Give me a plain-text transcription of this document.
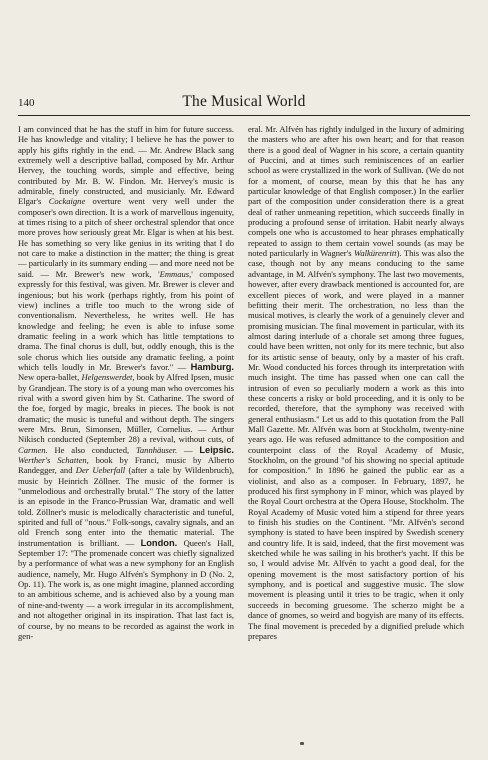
140	The Musical World

I am convinced that he has the stuff in him for future success. He has knowledge and vitality; I believe he has the power to apply his gifts rightly in the end. — Mr. Andrew Black sang extremely well a descriptive ballad, composed by Mr. Arthur Hervey, the touching words, simple and effective, being contributed by Mr. B. W. Findon. Mr. Hervey's music is admirable, finely constructed, and musicianly. Mr. Edward Elgar's Cockaigne overture went very well under the composer's own direction. It is a work of marvellous ingenuity, at times rising to a pitch of sheer orchestral splendor that once more proves how seriously great Mr. Elgar is when at his best. He has something so very like genius in its writing that I do not care to make a distinction in the matter; the thing is great — particularly in its summary ending — and more need not be said. — Mr. Brewer's new work, 'Emmaus,' composed expressly for this festival, was given. Mr. Brewer is clever and ingenious; but his work (perhaps rightly, from his point of view) inclines a trifle too much to the wrong side of conventionalism. Nevertheless, he writes well. He has knowledge and feeling; he even is able to infuse some dramatic feeling in a work which has little temptations to drama. The final chorus is dull, but, oddly enough, this is the sole chorus which lies outside any dramatic feeling, a point which tells loudly in Mr. Brewer's favor." — Hamburg. New opera-ballet, Helgenswerdet, book by Alfred Ipsen, music by Grandjean. The story is of a young man who overcomes his rival with a sword given him by St. Catharine. The sword of the foe, forged by magic, breaks in pieces. The book is not dramatic; the music is tuneful and without depth. The singers were Mrs. Brun, Simonsen, Müller, Cornelius. — Arthur Nikisch conducted (September 28) a revival, without cuts, of Carmen. He also conducted, Tannhäuser. — Leipsic. Werther's Schatten, book by Franci, music by Alberto Randegger, and Der Ueberfall (after a tale by Wildenbruch), music by Heinrich Zöllner. The music of the former is "unmelodious and orchestrally brutal." The story of the latter is an episode in the Franco-Prussian War, dramatic and well told. Zöllner's music is melodically characteristic and tuneful, spirited and full of "nous." Folk-songs, cavalry signals, and an old French song enter into the thematic material. The instrumentation is brilliant. — London. Queen's Hall, September 17: "The promenade concert was chiefly signalized by a performance of what was a new symphony for an English audience, namely, Mr. Hugo Alfvén's Symphony in D (No. 2, Op. 11). The work is, as one might imagine, planned according to an ambitious scheme, and is achieved also by a young man of nine-and-twenty — a work irregular in its accomplishment, and not altogether original in its inspiration. That last fact is, of course, by no means to be recorded as against the work in gen-

eral. Mr. Alfvén has rightly indulged in the luxury of admiring the masters who are after his own heart; and for that reason there is a good deal of Wagner in his score, a certain quantity of Puccini, and at times such reminiscences of an earlier school as were crystallized in the work of Sullivan. (We do not for a moment, of course, mean by this that he has any particular knowledge of that English composer.) In the earlier part of the composition under consideration there is a great deal of rather unmeaning repetition, which succeeds finally in producing a profound sense of irritation. Habit nearly always compels one who is accustomed to hear phrases emphatically repeated to assign to them certain vowel sounds (as may be noted particularly in Wagner's Walkürenritt). This was also the case, though not by any means conducing to the same advantage, in M. Alfvén's symphony. The last two movements, however, after every drawback mentioned is accounted for, are excellent pieces of work, and were played in a manner befitting their merit. The orchestration, no less than the musical motives, is clearly the work of a genuinely clever and promising musician. The final movement in particular, with its almost daring interlude of a chorale set among three fugues, could have been written, not only for its mere technic, but also for its artistic sense of beauty, only by a master of his craft. Mr. Wood conducted his forces through its interpretation with much insight. The time has passed when one can call the intrusion of even so peculiarly modern a work as this into these concerts a risky or bold proceeding, and it is only to be recorded, therefore, that the symphony was received with general enthusiasm." Let us add to this quotation from the Pall Mall Gazette. Mr. Alfvén was born at Stockholm, twenty-nine years ago. He was refused admittance to the composition and counterpoint class of the Royal Academy of Music, Stockholm, on the ground "of his showing no special aptitude for composition." In 1896 he gained the public ear as a violinist, and also as a composer. In February, 1897, he produced his first symphony in F minor, which was played by the Royal Court orchestra at the Opera House, Stockholm. The Royal Academy of Music voted him a stipend for three years to finish his studies on the Continent. "Mr. Alfvén's second symphony is stated to have been inspired by Swedish scenery and country life. It is said, indeed, that the first movement was sketched while he was sailing in his brother's yacht. If this be so, I would advise Mr. Alfvén to yacht a good deal, for the opening movement is the most satisfactory portion of his symphony, and is poetical and suggestive music. The slow movement is pleasing until it tries to be tragic, when it only succeeds in becoming gruesome. The scherzo might be a dance of gnomes, so weird and bogyish are many of its effects. The final movement is preceded by a dignified prelude which prepares
